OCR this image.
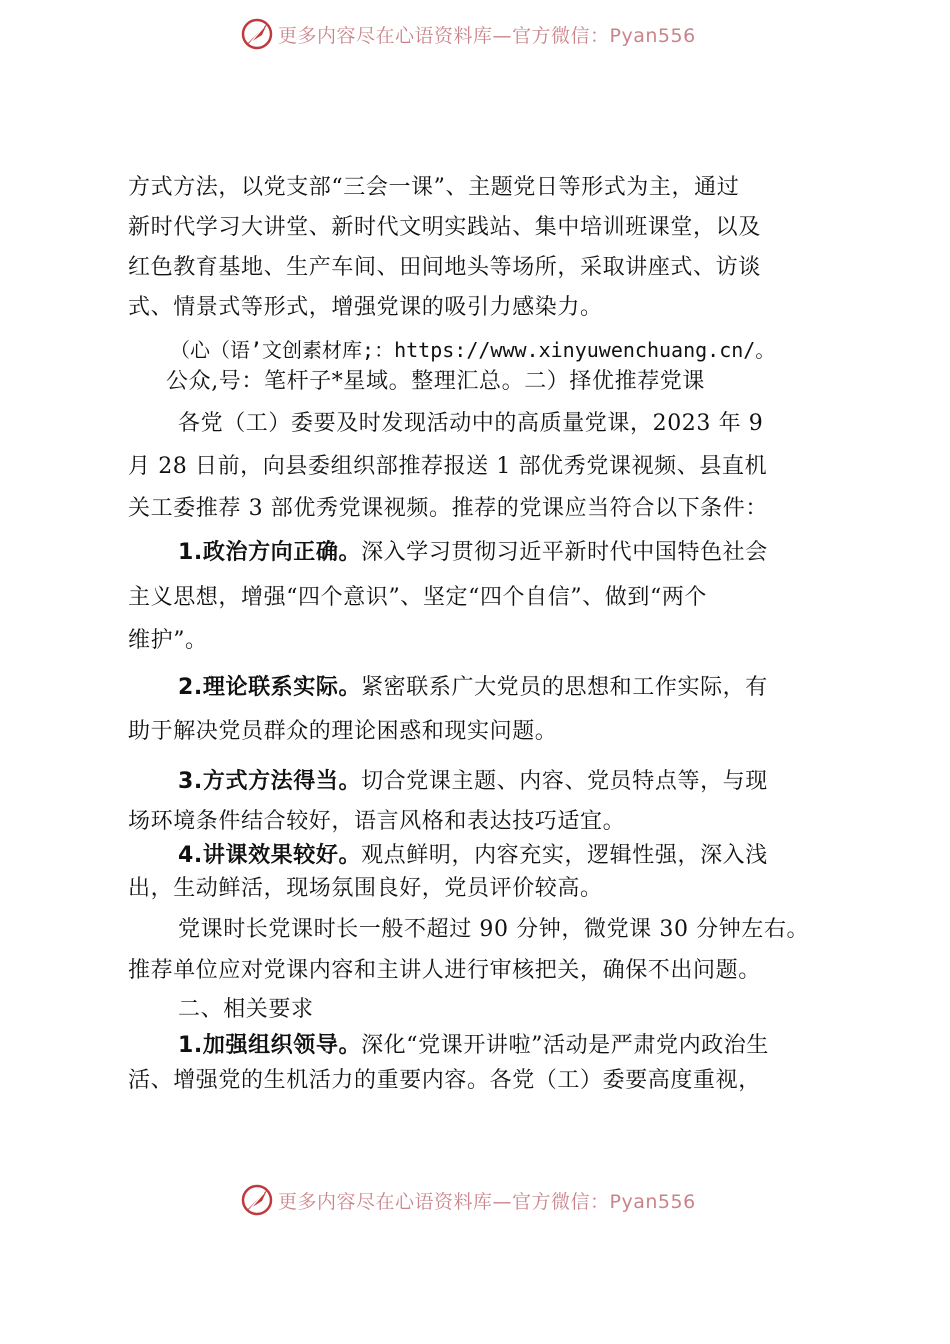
更多内容尽在心语资料库—官方微信：Pyan556
方式方法，以党支部“三会一课”、主题党日等形式为主，通过
新时代学习大讲堂、新时代文明实践站、集中培训班课堂，以及
红色教育基地、生产车间、田间地头等场所，采取讲座式、访谈
式、情景式等形式，增强党课的吸引力感染力。
（心（语’文创素材库;：https://www.xinyuwenchuang.cn/。
公众,号：笔杆子*星域。整理汇总。二）择优推荐党课
各党（工）委要及时发现活动中的高质量党课，2023 年 9
月 28 日前，向县委组织部推荐报送 1 部优秀党课视频、县直机
关工委推荐 3 部优秀党课视频。推荐的党课应当符合以下条件：
1.政治方向正确。深入学习贯彻习近平新时代中国特色社会
主义思想，增强“四个意识”、坚定“四个自信”、做到“两个
维护”。
2.理论联系实际。紧密联系广大党员的思想和工作实际，有
助于解决党员群众的理论困惑和现实问题。
3.方式方法得当。切合党课主题、内容、党员特点等，与现
场环境条件结合较好，语言风格和表达技巧适宜。
4.讲课效果较好。观点鲜明，内容充实，逻辑性强，深入浅
出，生动鲜活，现场氛围良好，党员评价较高。
党课时长党课时长一般不超过 90 分钟，微党课 30 分钟左右。
推荐单位应对党课内容和主讲人进行审核把关，确保不出问题。
二、相关要求
1.加强组织领导。深化“党课开讲啦”活动是严肃党内政治生
活、增强党的生机活力的重要内容。各党（工）委要高度重视，
更多内容尽在心语资料库—官方微信：Pyan556
